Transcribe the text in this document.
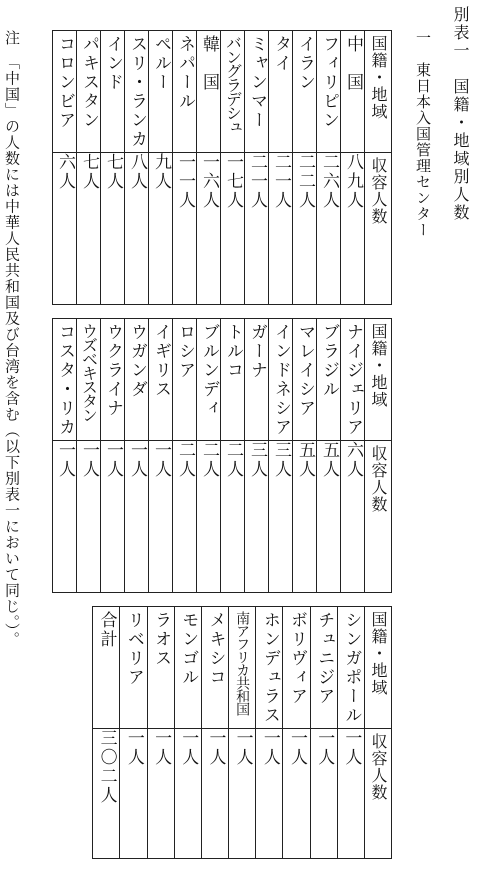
別表一　国籍・地域別人数
一　東日本入国管理センター
注　「中国」の人数には中華人民共和国及び台湾を含む（以下別表一において同じ。）。	国籍・地域	中　国	フィリピン	イラン	タイ	ミャンマー	バングラデシュ	韓　国	ネパール	ペルー	スリ・ランカ	インド	パキスタン	コロンビア

収容人数	八九人	二六人	二二人	二一人	二一人	一七人	一六人	一一人	九人	八人	七人	七人	六人
国籍・地域	ナイジェリア	ブラジル	マレイシア	インドネシア	ガーナ	トルコ	ブルンディ	ロシア	イギリス	ウガンダ	ウクライナ	ウズベキスタン	コスタ・リカ

収容人数	六人	五人	五人	三人	三人	二人	二人	二人	一人	一人	一人	一人	一人
国籍・地域	シンガポール	チュニジア	ボリヴィア	ホンデュラス	南アフリカ共和国	メキシコ	モンゴル	ラオス	リベリア	合
計

収容人数	一人	一人	一人	一人	一人	一人	一人	一人	一人	三〇二人
